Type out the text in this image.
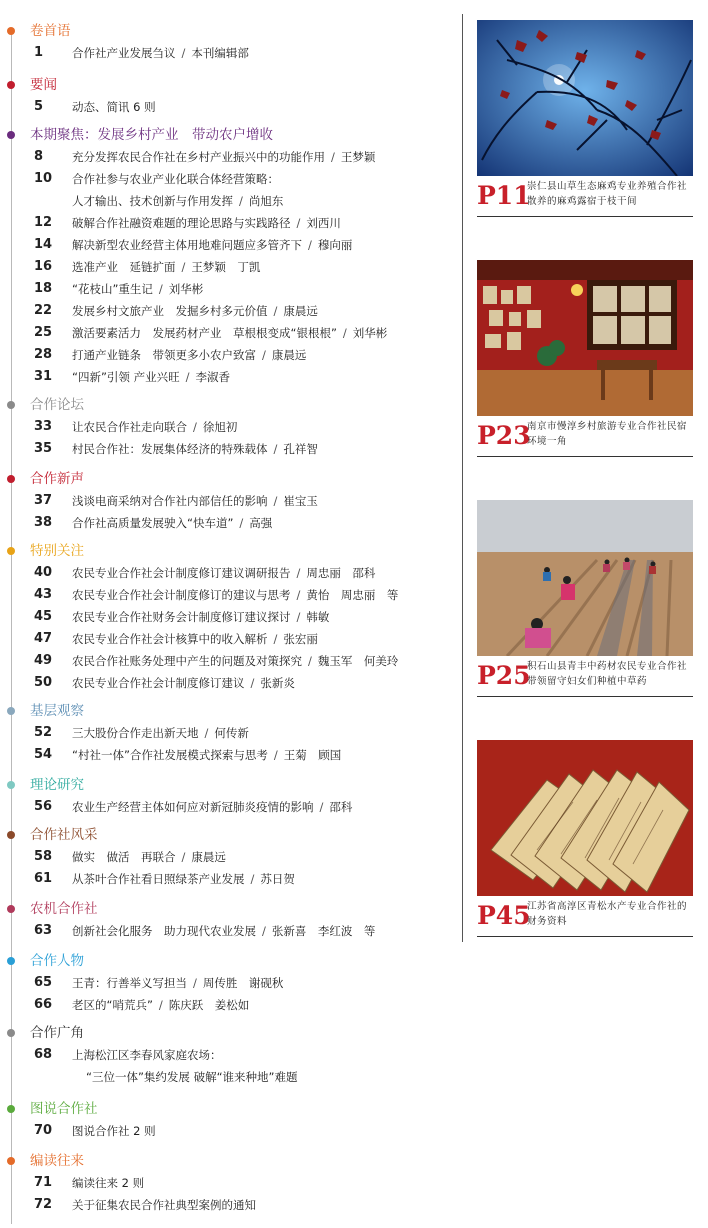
卷首语
1	合作社产业发展刍议 / 本刊编辑部
要闻
5	动态、简讯 6 则
本期聚焦：发展乡村产业　带动农户增收
8	充分发挥农民合作社在乡村产业振兴中的功能作用 / 王梦颖
10 合作社参与农业产业化联合体经营策略：
人才输出、技术创新与作用发挥 / 尚旭东
12 破解合作社融资难题的理论思路与实践路径 / 刘西川
14 解决新型农业经营主体用地难问题应多管齐下 / 穆向丽
16 选准产业　延链扩面 / 王梦颖　丁凯
18 “花枝山”重生记 / 刘华彬
22 发展乡村文旅产业　发掘乡村多元价值 / 康晨远
25 激活要素活力　发展药材产业　草根根变成“银根根” / 刘华彬
28 打通产业链条　带领更多小农户致富 / 康晨远
31 “四新”引领 产业兴旺 / 李淑香
合作论坛
33 让农民合作社走向联合 / 徐旭初
35 村民合作社：发展集体经济的特殊载体 / 孔祥智
合作新声
37 浅谈电商采纳对合作社内部信任的影响 / 崔宝玉
38 合作社高质量发展驶入“快车道” / 高强
特别关注
40 农民专业合作社会计制度修订建议调研报告 / 周忠丽　邵科
43 农民专业合作社会计制度修订的建议与思考 / 黄怡　周忠丽　等
45 农民专业合作社财务会计制度修订建议探讨 / 韩敏
47 农民专业合作社会计核算中的收入解析 / 张宏丽
49 农民合作社账务处理中产生的问题及对策探究 / 魏玉军　何美玲
50 农民专业合作社会计制度修订建议 / 张新炎
基层观察
52 三大股份合作走出新天地 / 何传新
54 “村社一体”合作社发展模式探索与思考 / 王菊　顾国
理论研究
56 农业生产经营主体如何应对新冠肺炎疫情的影响 / 邵科
合作社风采
58 做实　做活　再联合 / 康晨远
61 从茶叶合作社看日照绿茶产业发展 / 苏日贺
农机合作社
63 创新社会化服务　助力现代农业发展 / 张新喜　李红波　等
合作人物
65 王青：行善举义写担当 / 周传胜　谢砚秋
66 老区的“哨荒兵” / 陈庆跃　姜松如
合作广角
68 上海松江区李春风家庭农场：
“三位一体”集约发展 破解“谁来种地”难题
图说合作社
70 图说合作社 2 则
编读往来
71 编读往来 2 则
72 关于征集农民合作社典型案例的通知
P11
崇仁县山草生态麻鸡专业养殖合作社散养的麻鸡露宿于枝干间
P23
南京市慢淳乡村旅游专业合作社民宿环境一角
P25
积石山县青丰中药材农民专业合作社带领留守妇女们种植中草药
P45
江苏省高淳区青松水产专业合作社的财务资料
